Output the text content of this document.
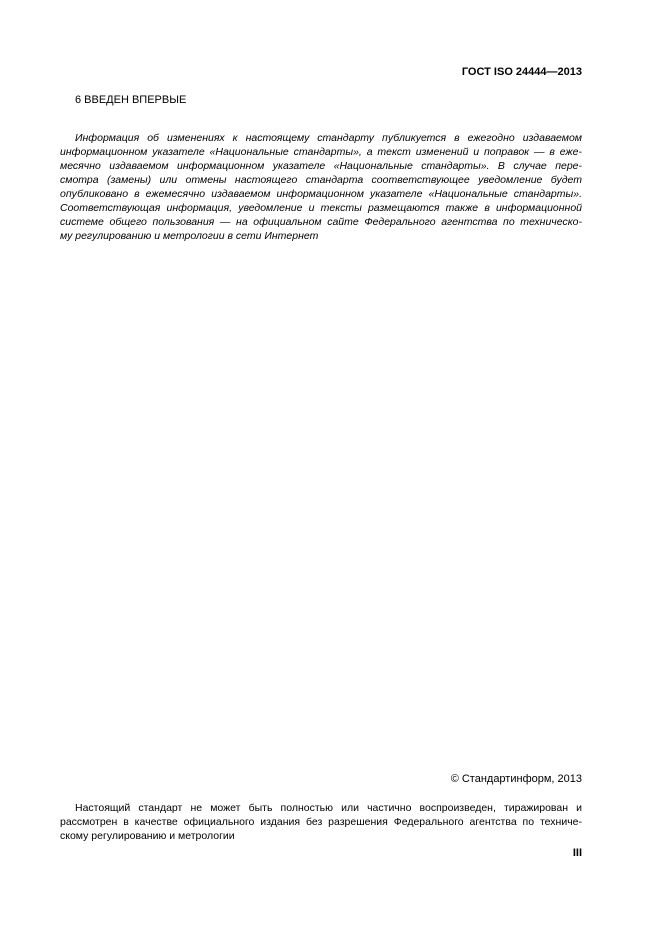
ГОСТ ISO 24444—2013
6 ВВЕДЕН ВПЕРВЫЕ
Информация об изменениях к настоящему стандарту публикуется в ежегодно издаваемом
информационном указателе «Национальные стандарты», а текст изменений и поправок — в еже-
месячно издаваемом информационном указателе «Национальные стандарты». В случае пере-
смотра (замены) или отмены настоящего стандарта соответствующее уведомление будет
опубликовано в ежемесячно издаваемом информационном указателе «Национальные стандарты».
Соответствующая информация, уведомление и тексты размещаются также в информационной
системе общего пользования — на официальном сайте Федерального агентства по техническо-
му регулированию и метрологии в сети Интернет
© Стандартинформ, 2013
Настоящий стандарт не может быть полностью или частично воспроизведен, тиражирован и
рассмотрен в качестве официального издания без разрешения Федерального агентства по техниче-
скому регулированию и метрологии
III
